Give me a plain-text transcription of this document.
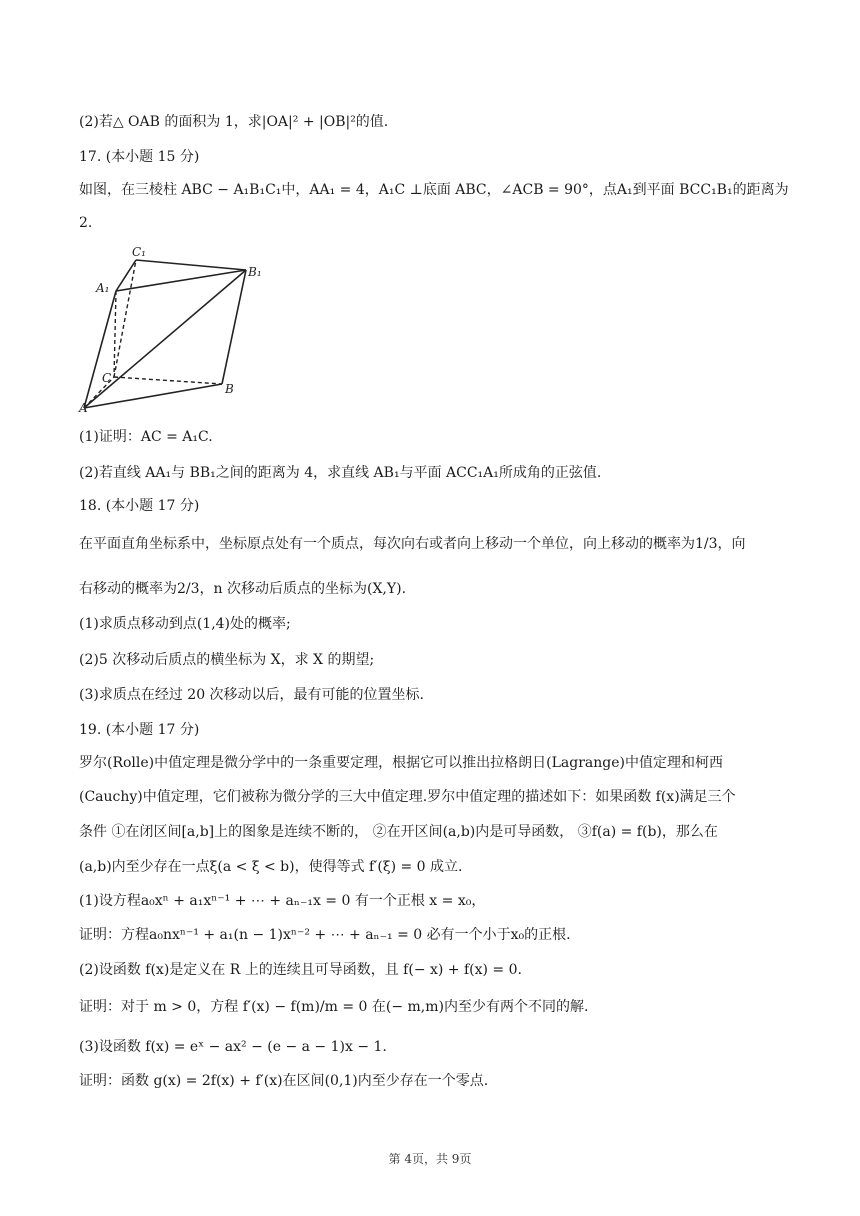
(2)若△ OAB 的面积为 1，求|OA|² + |OB|²的值.
17. (本小题 15 分)
如图，在三棱柱 ABC − A₁B₁C₁中，AA₁ = 4，A₁C ⊥底面 ABC，∠ACB = 90°，点A₁到平面 BCC₁B₁的距离为
2.
C₁
B₁
A₁
C
A
B
(1)证明：AC = A₁C.
(2)若直线 AA₁与 BB₁之间的距离为 4，求直线 AB₁与平面 ACC₁A₁所成角的正弦值.
18. (本小题 17 分)
在平面直角坐标系中，坐标原点处有一个质点，每次向右或者向上移动一个单位，向上移动的概率为1/3，向
右移动的概率为2/3，n 次移动后质点的坐标为(X,Y).
(1)求质点移动到点(1,4)处的概率;
(2)5 次移动后质点的横坐标为 X，求 X 的期望;
(3)求质点在经过 20 次移动以后，最有可能的位置坐标.
19. (本小题 17 分)
罗尔(Rolle)中值定理是微分学中的一条重要定理，根据它可以推出拉格朗日(Lagrange)中值定理和柯西
(Cauchy)中值定理，它们被称为微分学的三大中值定理.罗尔中值定理的描述如下：如果函数 f(x)满足三个
条件 ①在闭区间[a,b]上的图象是连续不断的， ②在开区间(a,b)内是可导函数， ③f(a) = f(b)，那么在
(a,b)内至少存在一点ξ(a < ξ < b)，使得等式 f′(ξ) = 0 成立.
(1)设方程a₀xⁿ + a₁xⁿ⁻¹ + ⋯ + aₙ₋₁x = 0 有一个正根 x = x₀，
证明：方程a₀nxⁿ⁻¹ + a₁(n − 1)xⁿ⁻² + ⋯ + aₙ₋₁ = 0 必有一个小于x₀的正根.
(2)设函数 f(x)是定义在 R 上的连续且可导函数，且 f(− x) + f(x) = 0.
证明：对于 m > 0，方程 f′(x) − f(m)/m = 0 在(− m,m)内至少有两个不同的解.
(3)设函数 f(x) = eˣ − ax² − (e − a − 1)x − 1.
证明：函数 g(x) = 2f(x) + f′(x)在区间(0,1)内至少存在一个零点.
第 4页，共 9页
